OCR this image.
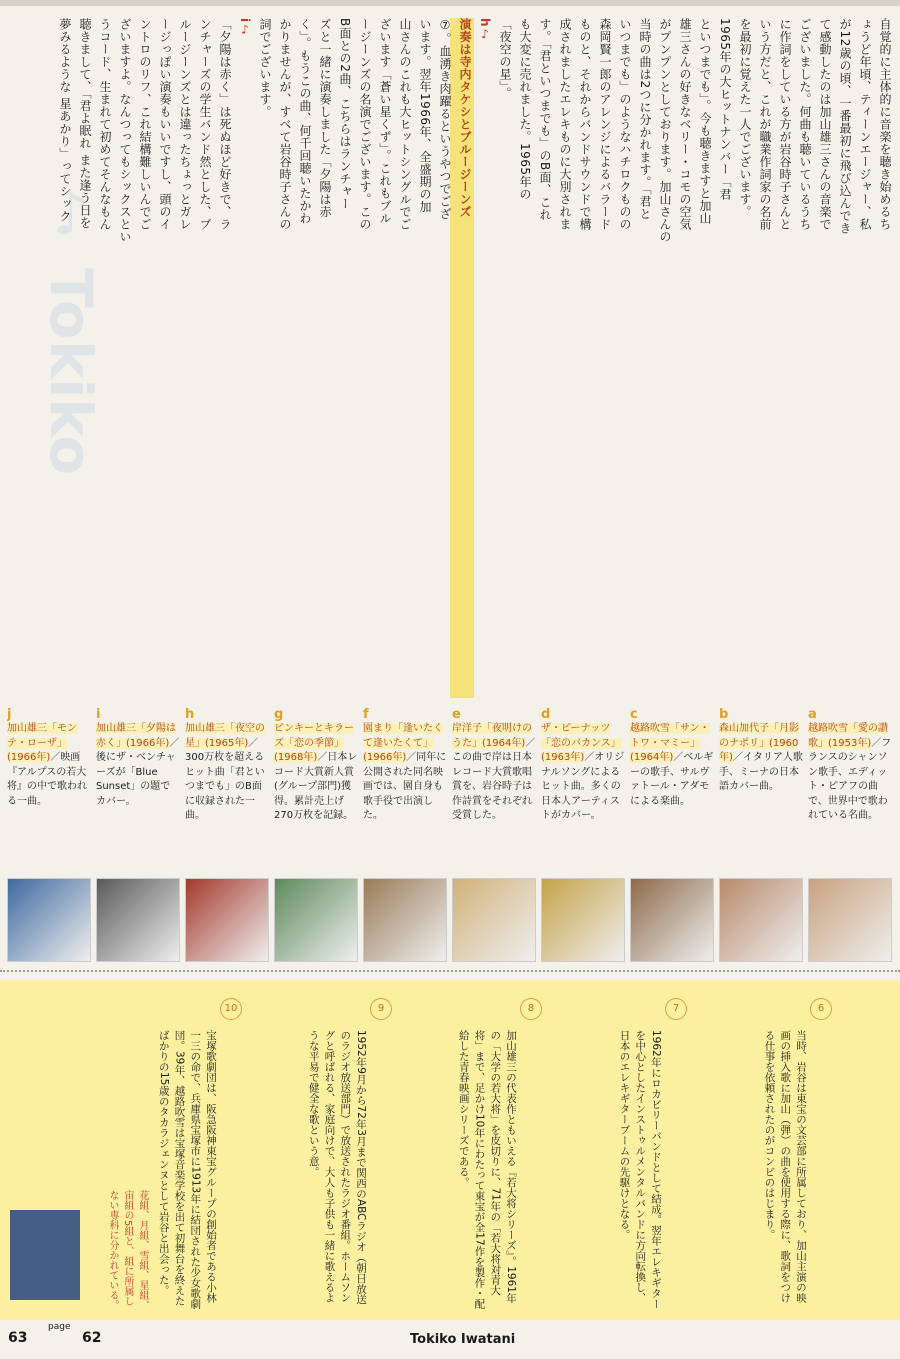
♪ Tokiko
自覚的に主体的に音楽を聴き始めるち
ょうど年頃、ティーンエージャー、私
が12歳の頃、一番最初に飛び込んでき
て感動したのは加山雄三さんの音楽で
ございました。何曲も聴いているうち
に作詞をしている方が岩谷時子さんと
いう方だと、これが職業作詞家の名前
を最初に覚えた一人でございます。
1965年の大ヒットナンバー「君
といつまでも」。今も聴きますと加山
雄三さんの好きなベリー・コモの空気
がプンプンとしております。加山さんの
当時の曲は2つに分かれます。「君と
いつまでも」のようなハチロクものの
森岡賢一郎のアレンジによるバラード
ものと、それからバンドサウンドで構
成されましたエレキものに大別されま
す。「君といつまでも」のB面、これ
も大変に売れました。1965年の
「夜空の星」。
h♪
演奏は寺内タケシとブルージーンズ
⑦。血湧き肉躍るというやつでござ
います。翌年1966年、全盛期の加
山さんのこれも大ヒットシングルでご
ざいます「蒼い星くず」。これもブル
ージーンズの名演でございます。この
B面との2曲、こちらはランチャー
ズと一緒に演奏しました「夕陽は赤
く」。もうこの曲、何千回聴いたかわ
かりませんが、すべて岩谷時子さんの
詞でございます。
i♪
「夕陽は赤く」は死ぬほど好きで、ラ
ンチャーズの学生バンド然とした、ブ
ルージーンズとは違ったちょっとガレ
ージっぽい演奏もいいですし、頭のイ
ントロのリフ、これ結構難しいんでご
ざいますよ。なんつってもシックスとい
うコード、生まれて初めてそんなもん
聴きまして、「君よ眠れ また逢う日を
夢みるような 星あかり」ってシック
a
越路吹雪「愛の讃歌」(1953年)／フランスのシャンソン歌手、エディット・ピアフの曲で、世界中で歌われている名曲。
b
森山加代子「月影のナポリ」(1960年)／イタリア人歌手、ミーナの日本語カバー曲。
c
越路吹雪「サン・トワ・マミー」(1964年)／ベルギーの歌手、サルヴァトール・アダモによる楽曲。
d
ザ・ピーナッツ「恋のバカンス」(1963年)／オリジナルソングによるヒット曲。多くの日本人アーティストがカバー。
e
岸洋子「夜明けのうた」(1964年)／この曲で岸は日本レコード大賞歌唱賞を、岩谷時子は作詩賞をそれぞれ受賞した。
f
園まり「逢いたくて逢いたくて」(1966年)／同年に公開された同名映画では、園自身も歌手役で出演した。
g
ピンキーとキラーズ「恋の季節」(1968年)／日本レコード大賞新人賞(グループ部門)獲得。累計売上げ270万枚を記録。
h
加山雄三「夜空の星」(1965年)／300万枚を超えるヒット曲「君といつまでも」のB面に収録された一曲。
i
加山雄三「夕陽は赤く」(1966年)／後にザ・ベンチャーズが「Blue Sunset」の題でカバー。
j
加山雄三「モンテ・ローザ」(1966年)／映画『アルプスの若大将』の中で歌われる一曲。
花組、月組、雪組、星組、宙組の5組と、組に所属しない専科に分かれている。
6
当時、岩谷は東宝の文芸部に所属しており、加山主演の映画の挿入歌に加山（弾）の曲を使用する際に、歌詞をつける仕事を依頼されたのがコンビのはじまり。
7
1962年にロカビリーバンドとして結成。翌年エレキギターを中心としたインストゥルメンタルバンドに方向転換し、日本のエレキギターブームの先駆けとなる。
8
加山雄三の代表作ともいえる『若大将シリーズ』。1961年の「大学の若大将」を皮切りに、71年の「若大将対青大将」まで、足かけ10年にわたって東宝が全17作を製作・配給した青春映画シリーズである。
9
1952年9月から72年3月まで関西のABCラジオ（朝日放送のラジオ放送部門）で放送されたラジオ番組。ホームソングと呼ばれる、家庭向けで、大人も子供も一緒に歌えるような平易で健全な歌という意。
10
宝塚歌劇団は、阪急阪神東宝グループの創始者である小林一三の命で、兵庫県宝塚市に1913年に結団された少女歌劇団。39年、越路吹雪は宝塚音楽学校を出て初舞台を終えたばかりの15歳のタカラジェンヌとして岩谷と出会った。
63
page
62	Tokiko Iwatani
